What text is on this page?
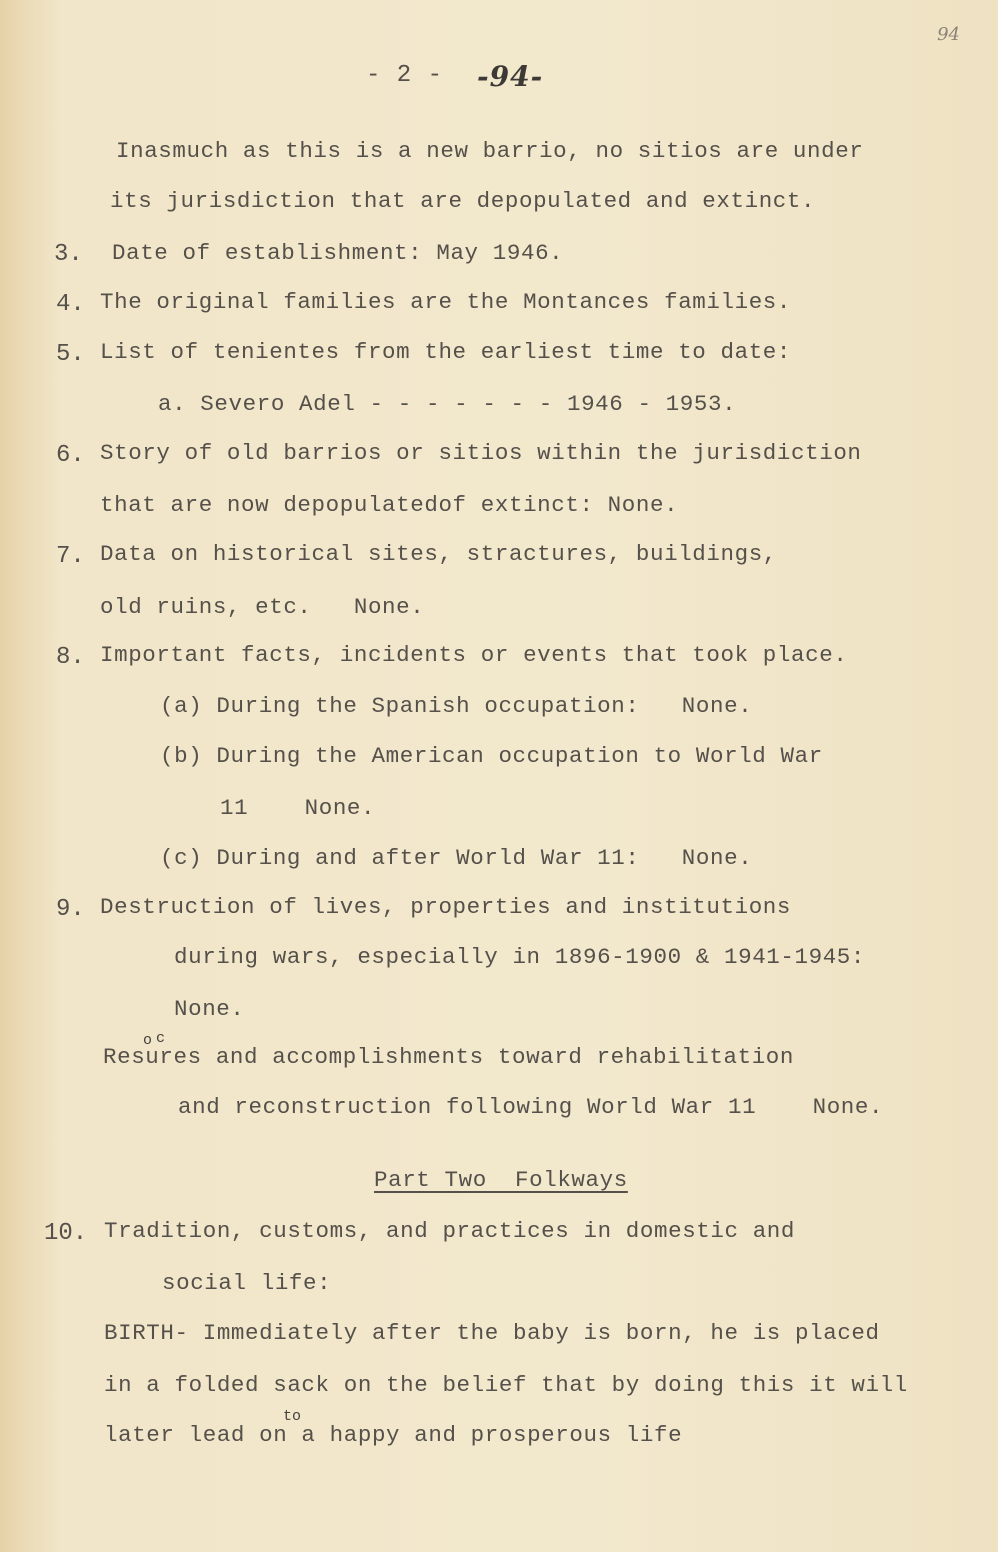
94
- 2 - -94-
Inasmuch as this is a new barrio, no sitios are under
its jurisdiction that are depopulated and extinct.
3. Date of establishment: May 1946.
4. The original families are the Montances families.
5. List of tenientes from the earliest time to date:
a. Severo Adel - - - - - - - 1946 - 1953.
6. Story of old barrios or sitios within the jurisdiction
that are now depopulatedof extinct: None.
7. Data on historical sites, stractures, buildings,
old ruins, etc.   None.
8. Important facts, incidents or events that took place.
(a) During the Spanish occupation:   None.
(b) During the American occupation to World War
11    None.
(c) During and after World War 11:   None.
9. Destruction of lives, properties and institutions
during wars, especially in 1896-1900 & 1941-1945:
None.
o c
Resures and accomplishments toward rehabilitation
and reconstruction following World War 11    None.
Part Two  Folkways
10. Tradition, customs, and practices in domestic and
social life:
BIRTH- Immediately after the baby is born, he is placed
in a folded sack on the belief that by doing this it will
to
later lead on a happy and prosperous life
